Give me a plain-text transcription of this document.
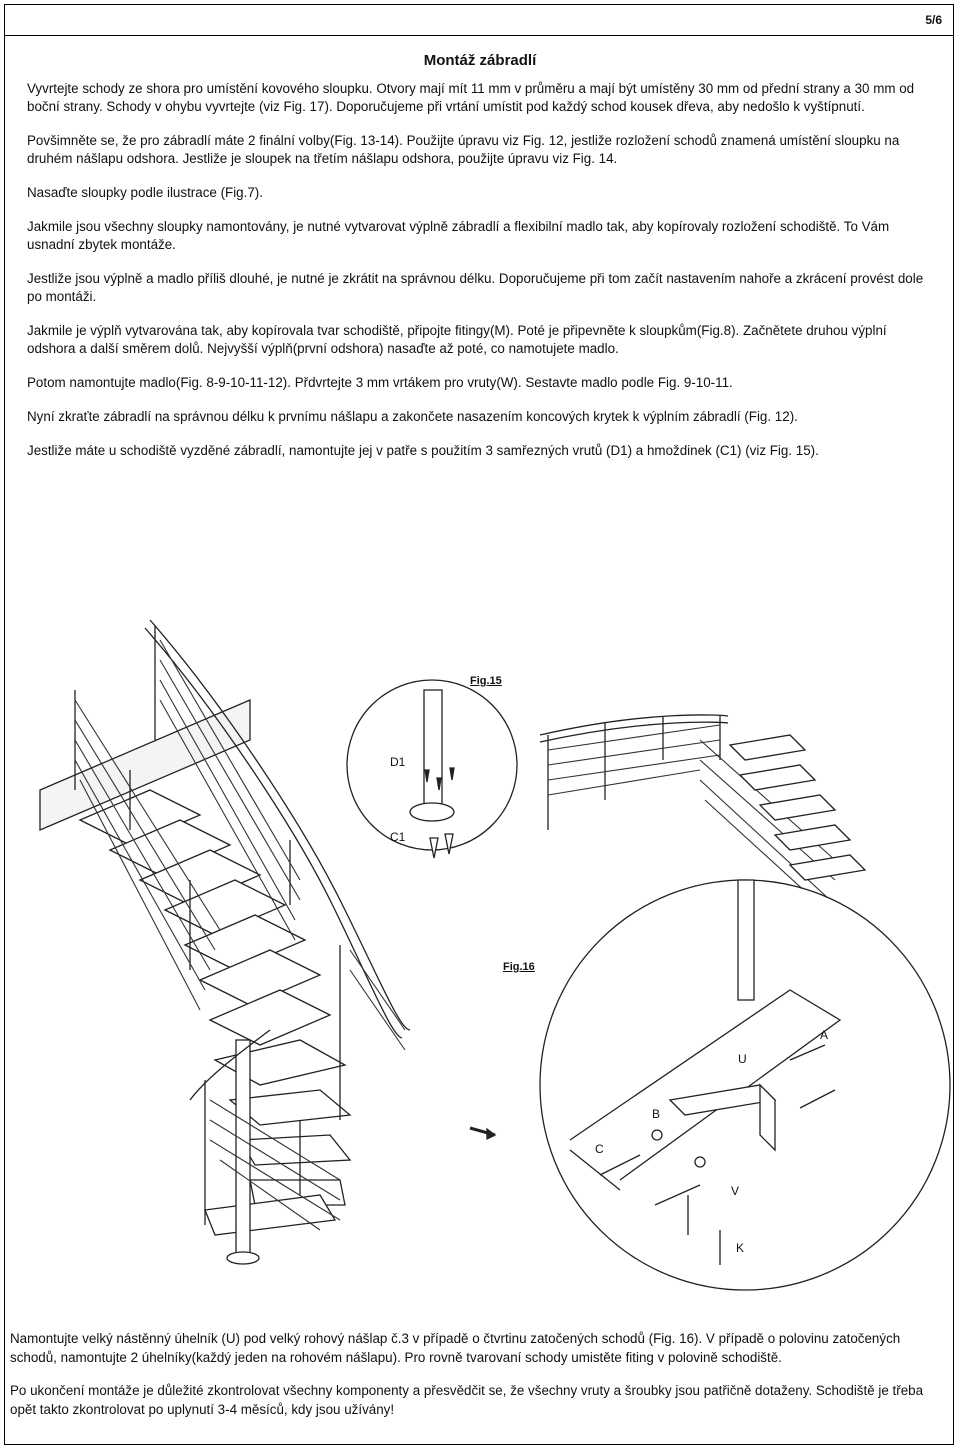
5/6
Montáž zábradlí

Vyvrtejte schody ze shora pro umístění kovového sloupku. Otvory mají mít 11 mm v průměru a mají být umístěny 30 mm od přední strany a 30 mm od boční strany. Schody v ohybu vyvrtejte (viz Fig. 17). Doporučujeme při vrtání umístit pod každý schod kousek dřeva, aby nedošlo k vyštípnutí.

Povšimněte se, že pro zábradlí máte 2 finální volby(Fig. 13-14). Použijte úpravu viz Fig. 12, jestliže rozložení schodů znamená umístění sloupku na druhém nášlapu odshora. Jestliže je sloupek na třetím nášlapu odshora, použijte úpravu viz Fig. 14.

Nasaďte sloupky podle ilustrace (Fig.7).

Jakmile jsou všechny sloupky namontovány, je nutné vytvarovat výplně zábradlí a flexibilní madlo tak, aby kopírovaly rozložení schodiště. To Vám usnadní zbytek montáže.

Jestliže jsou výplně a madlo příliš dlouhé, je nutné je zkrátit na správnou délku. Doporučujeme při tom začít nastavením nahoře a zkrácení provést dole po montáži.

Jakmile je výplň vytvarována tak, aby kopírovala tvar schodiště, připojte fitingy(M). Poté je připevněte k sloupkům(Fig.8). Začnětete druhou výplní odshora a další směrem dolů. Nejvyšší výplň(první odshora) nasaďte až poté, co namotujete madlo.

Potom namontujte madlo(Fig. 8-9-10-11-12). Přdvrtejte 3 mm vrtákem pro vruty(W). Sestavte madlo podle Fig. 9-10-11.

Nyní zkraťte zábradlí na správnou délku k prvnímu nášlapu a zakončete nasazením koncových krytek k výplním zábradlí (Fig. 12).

Jestliže máte u schodiště vyzděné zábradlí, namontujte jej v patře s použitím 3 samřezných vrutů (D1) a hmoždinek (C1) (viz Fig. 15).

Fig.15
D1
C1
Fig.16
A
U
B
C
V
K
Namontujte velký nástěnný úhelník (U) pod velký rohový nášlap č.3 v případě o čtvrtinu zatočených schodů (Fig. 16). V případě o polovinu zatočených schodů, namontujte 2 úhelníky(každý jeden na rohovém nášlapu). Pro rovně tvarovaní schody umistěte fiting v polovině schodiště.
Po ukončení montáže je důležité zkontrolovat všechny komponenty a přesvědčit se, že všechny vruty a šroubky jsou patřičně dotaženy. Schodiště je třeba opět takto zkontrolovat po uplynutí 3-4 měsíců, kdy jsou užívány!
